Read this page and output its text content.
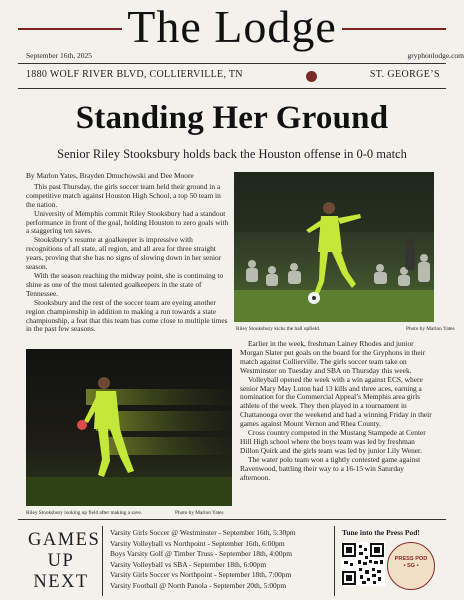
The Lodge
September 16th, 2025	gryphonlodge.com
1880 WOLF RIVER BLVD, COLLIERVILLE, TN	ST. GEORGE’S
Standing Her Ground
Senior Riley Stooksbury holds back the Houston offense in 0-0 match

By Marlon Yates, Brayden Dmuchowski and Dee Moore

This past Thursday, the girls soccer team held their ground in a competitive match against Houston High School, a top 50 team in the nation.

University of Memphis commit Riley Stooksbury had a standout performance in front of the goal, holding Houston to zero goals with a staggering ten saves.

Stooksbury’s resume at goalkeeper is impressive with recognitions of all state, all region, and all area for three straight years, proving that she has no signs of slowing down in her senior season.

With the season reaching the midway point, she is continuing to shine as one of the most talented goalkeepers in the state of Tennessee.

Stooksbury and the rest of the soccer team are eyeing another region championship in addition to making a run towards a state championship, a feat that this team has come close to multiple times in the past few seasons.	Riley Stooksbury kicks the ball upfield.	Photo by Marlon Yates
Riley Stooksbury looking up field after making a save.	Photo by Marlon Yates

Earlier in the week, freshman Lainey Rhodes and junior Morgan Slater put goals on the board for the Gryphons in their match against Collierville. The girls soccer team take on Westminster on Tuesday and SBA on Thursday this week.

Volleyball opened the week with a win against ECS, where senior Mary May Luton had 13 kills and three aces, earning a nomination for the Commercial Appeal’s Memphis area girls athlete of the week. They then played in a tournament in Chattanooga over the weekend and had a winning Friday in their games against Mount Vernon and Rhea County.

Cross country competed in the Mustang Stampede at Center Hill High school where the boys team was led by freshman Dillon Quirk and the girls team was led by junior Lily Wener.

The water polo team won a tightly contested game against Ravenwood, battling their way to a 16-15 win Saturday afternoon.

GAMES
UP
NEXT
Varsity Girls Soccer @ Westminster - September 16th, 5:30pm
Varsity Volleyball vs Northpoint - September 16th, 6:00pm
Boys Varsity Golf @ Timber Truss - September 18th, 4:00pm
Varsity Volleyball vs SBA - September 18th, 6:00pm
Varsity Girls Soccer vs Northpoint - September 18th, 7:00pm
Varsity Football @ North Panola - September 20th, 5:00pm
Tune into the Press Pod!
PRESS POD
• SG •
